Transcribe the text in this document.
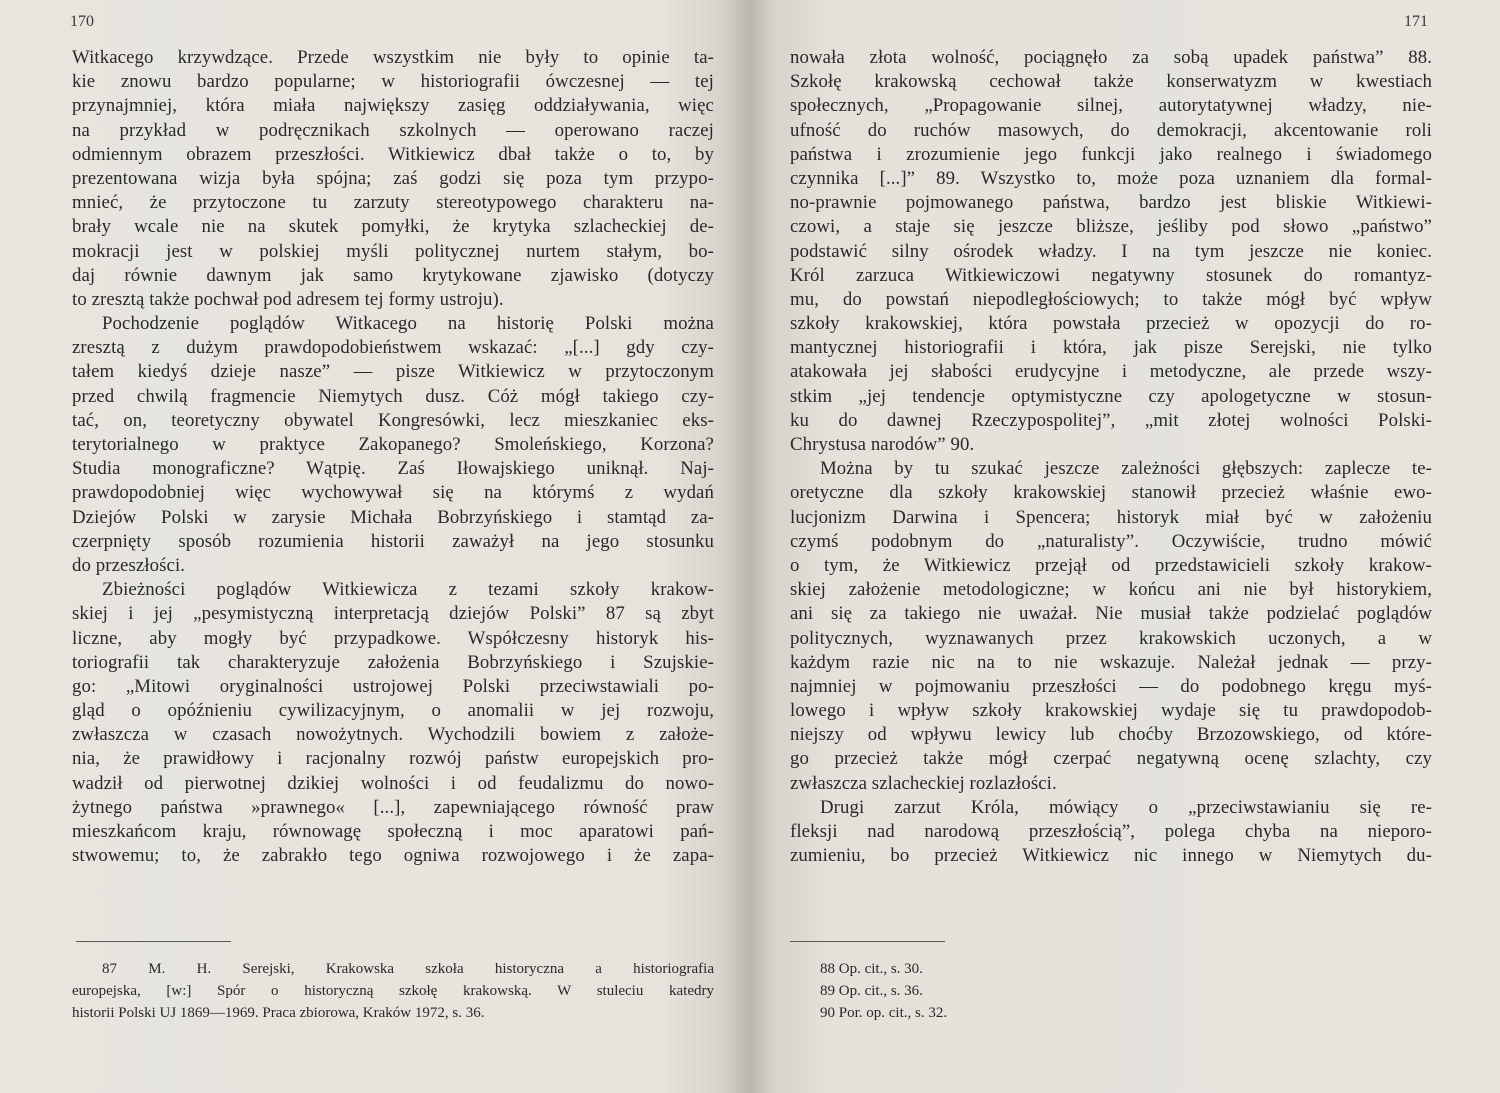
170
Witkacego krzywdzące. Przede wszystkim nie były to opinie ta-
kie znowu bardzo popularne; w historiografii ówczesnej — tej
przynajmniej, która miała największy zasięg oddziaływania, więc
na przykład w podręcznikach szkolnych — operowano raczej
odmiennym obrazem przeszłości. Witkiewicz dbał także o to, by
prezentowana wizja była spójna; zaś godzi się poza tym przypo-
mnieć, że przytoczone tu zarzuty stereotypowego charakteru na-
brały wcale nie na skutek pomyłki, że krytyka szlacheckiej de-
mokracji jest w polskiej myśli politycznej nurtem stałym, bo-
daj równie dawnym jak samo krytykowane zjawisko (dotyczy
to zresztą także pochwał pod adresem tej formy ustroju).
Pochodzenie poglądów Witkacego na historię Polski można
zresztą z dużym prawdopodobieństwem wskazać: „[...] gdy czy-
tałem kiedyś dzieje nasze” — pisze Witkiewicz w przytoczonym
przed chwilą fragmencie Niemytych dusz. Cóż mógł takiego czy-
tać, on, teoretyczny obywatel Kongresówki, lecz mieszkaniec eks-
terytorialnego w praktyce Zakopanego? Smoleńskiego, Korzona?
Studia monograficzne? Wątpię. Zaś Iłowajskiego uniknął. Naj-
prawdopodobniej więc wychowywał się na którymś z wydań
Dziejów Polski w zarysie Michała Bobrzyńskiego i stamtąd za-
czerpnięty sposób rozumienia historii zaważył na jego stosunku
do przeszłości.
Zbieżności poglądów Witkiewicza z tezami szkoły krakow-
skiej i jej „pesymistyczną interpretacją dziejów Polski” 87 są zbyt
liczne, aby mogły być przypadkowe. Współczesny historyk his-
toriografii tak charakteryzuje założenia Bobrzyńskiego i Szujskie-
go: „Mitowi oryginalności ustrojowej Polski przeciwstawiali po-
gląd o opóźnieniu cywilizacyjnym, o anomalii w jej rozwoju,
zwłaszcza w czasach nowożytnych. Wychodzili bowiem z założe-
nia, że prawidłowy i racjonalny rozwój państw europejskich pro-
wadził od pierwotnej dzikiej wolności i od feudalizmu do nowo-
żytnego państwa »prawnego« [...], zapewniającego równość praw
mieszkańcom kraju, równowagę społeczną i moc aparatowi pań-
stwowemu; to, że zabrakło tego ogniwa rozwojowego i że zapa-
87 M. H. Serejski, Krakowska szkoła historyczna a historiografia
europejska, [w:] Spór o historyczną szkołę krakowską. W stuleciu katedry
historii Polski UJ 1869—1969. Praca zbiorowa, Kraków 1972, s. 36.
171
nowała złota wolność, pociągnęło za sobą upadek państwa” 88.
Szkołę krakowską cechował także konserwatyzm w kwestiach
społecznych, „Propagowanie silnej, autorytatywnej władzy, nie-
ufność do ruchów masowych, do demokracji, akcentowanie roli
państwa i zrozumienie jego funkcji jako realnego i świadomego
czynnika [...]” 89. Wszystko to, może poza uznaniem dla formal-
no-prawnie pojmowanego państwa, bardzo jest bliskie Witkiewi-
czowi, a staje się jeszcze bliższe, jeśliby pod słowo „państwo”
podstawić silny ośrodek władzy. I na tym jeszcze nie koniec.
Król zarzuca Witkiewiczowi negatywny stosunek do romantyz-
mu, do powstań niepodległościowych; to także mógł być wpływ
szkoły krakowskiej, która powstała przecież w opozycji do ro-
mantycznej historiografii i która, jak pisze Serejski, nie tylko
atakowała jej słabości erudycyjne i metodyczne, ale przede wszy-
stkim „jej tendencje optymistyczne czy apologetyczne w stosun-
ku do dawnej Rzeczypospolitej”, „mit złotej wolności Polski-
Chrystusa narodów” 90.
Można by tu szukać jeszcze zależności głębszych: zaplecze te-
oretyczne dla szkoły krakowskiej stanowił przecież właśnie ewo-
lucjonizm Darwina i Spencera; historyk miał być w założeniu
czymś podobnym do „naturalisty”. Oczywiście, trudno mówić
o tym, że Witkiewicz przejął od przedstawicieli szkoły krakow-
skiej założenie metodologiczne; w końcu ani nie był historykiem,
ani się za takiego nie uważał. Nie musiał także podzielać poglądów
politycznych, wyznawanych przez krakowskich uczonych, a w
każdym razie nic na to nie wskazuje. Należał jednak — przy-
najmniej w pojmowaniu przeszłości — do podobnego kręgu myś-
lowego i wpływ szkoły krakowskiej wydaje się tu prawdopodob-
niejszy od wpływu lewicy lub choćby Brzozowskiego, od które-
go przecież także mógł czerpać negatywną ocenę szlachty, czy
zwłaszcza szlacheckiej rozlazłości.
Drugi zarzut Króla, mówiący o „przeciwstawianiu się re-
fleksji nad narodową przeszłością”, polega chyba na nieporo-
zumieniu, bo przecież Witkiewicz nic innego w Niemytych du-
88 Op. cit., s. 30.
89 Op. cit., s. 36.
90 Por. op. cit., s. 32.
